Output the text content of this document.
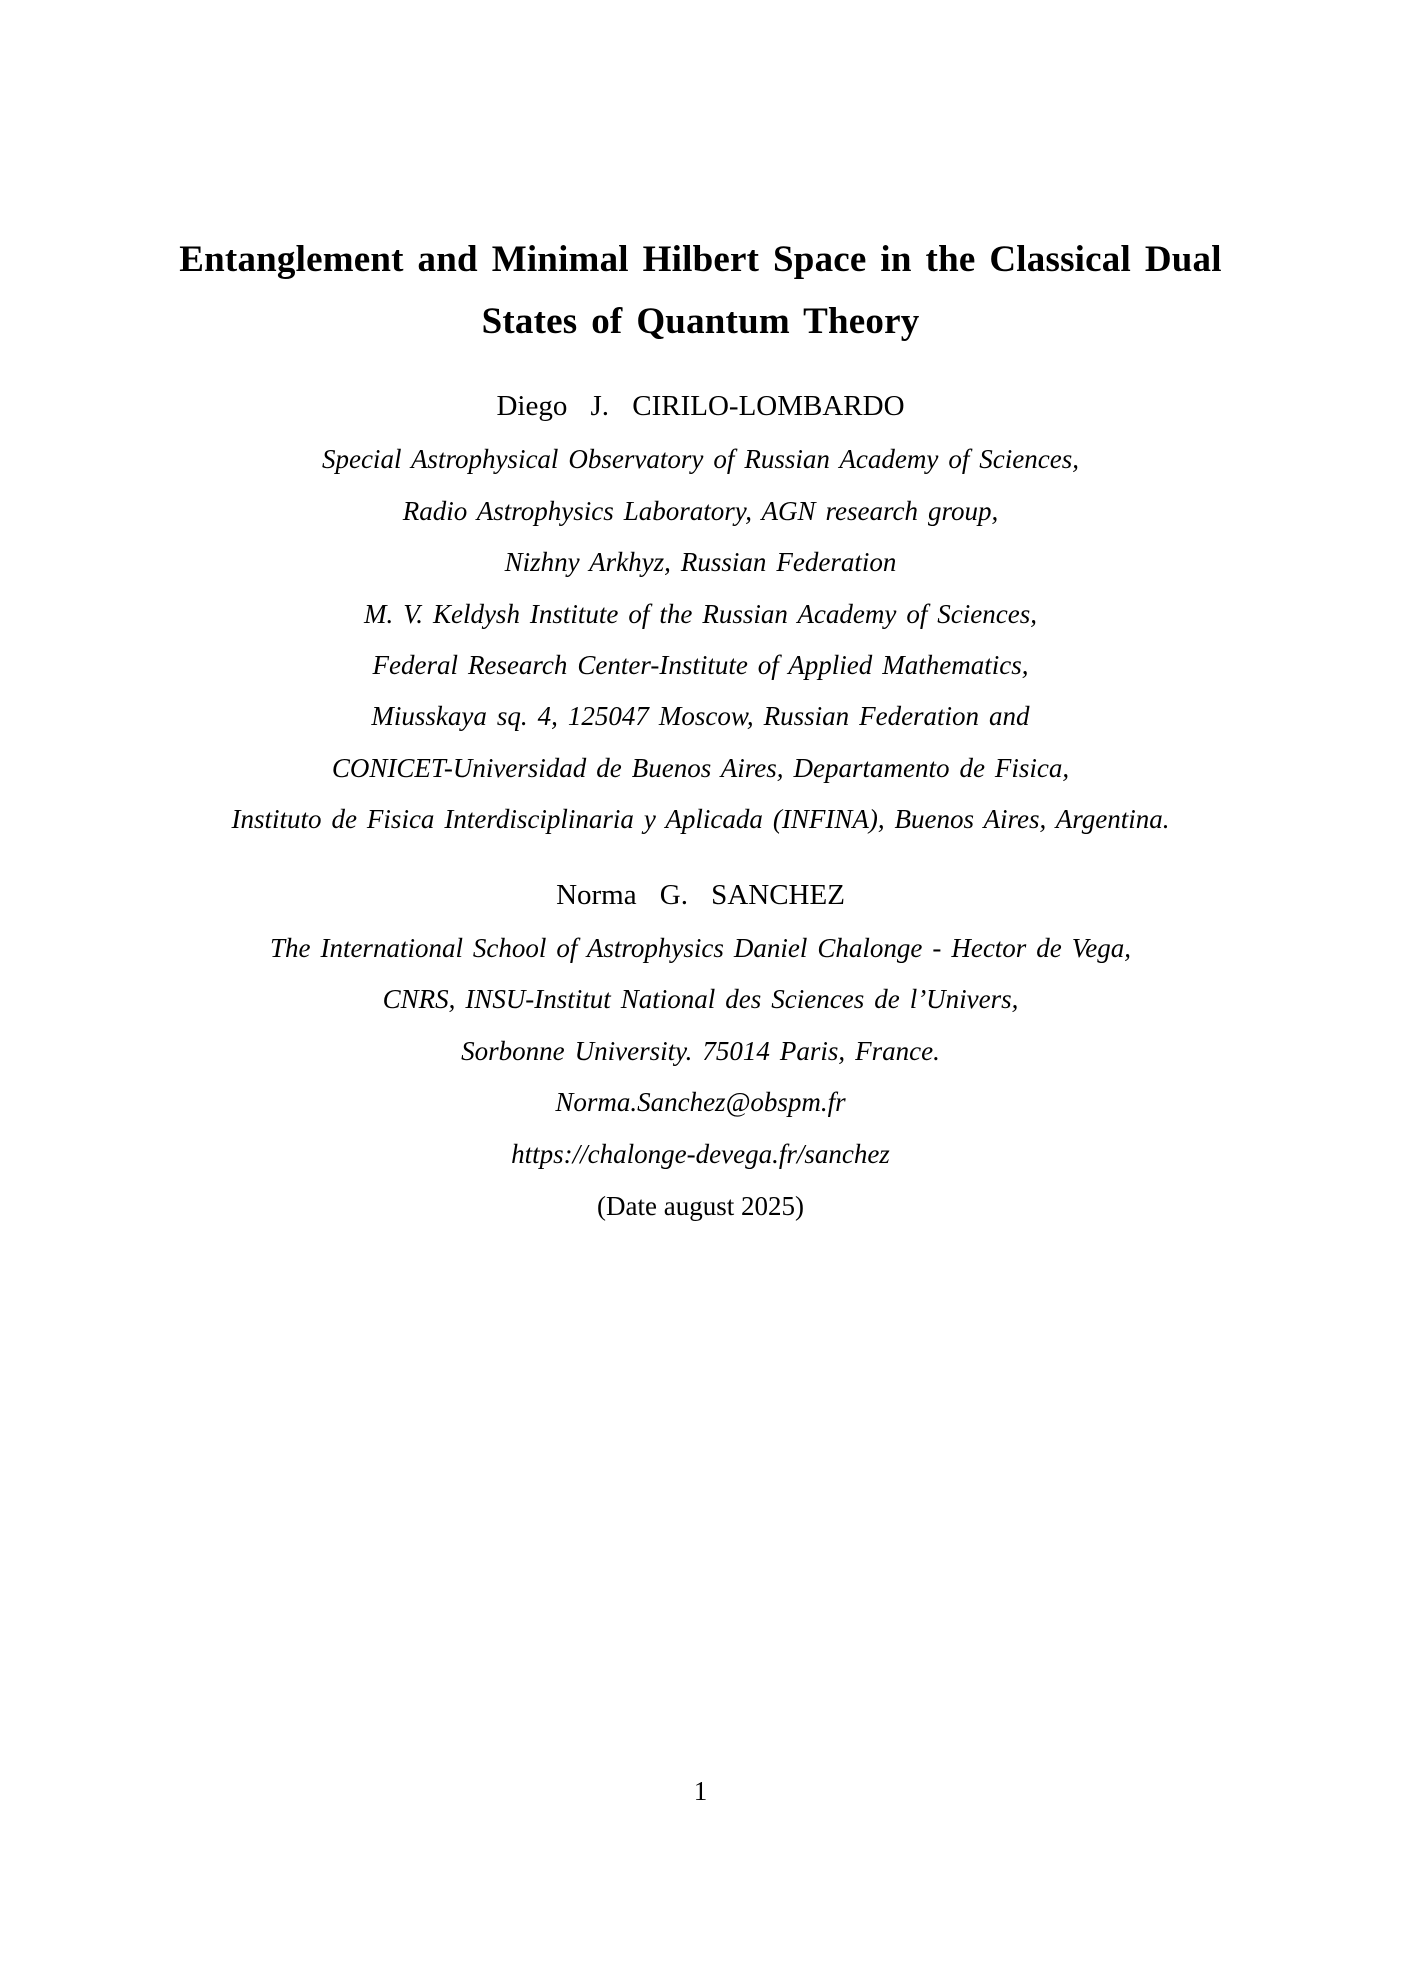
Entanglement and Minimal Hilbert Space in the Classical Dual
States of Quantum Theory
Diego J. CIRILO-LOMBARDO
Special Astrophysical Observatory of Russian Academy of Sciences,
Radio Astrophysics Laboratory, AGN research group,
Nizhny Arkhyz, Russian Federation
M. V. Keldysh Institute of the Russian Academy of Sciences,
Federal Research Center-Institute of Applied Mathematics,
Miusskaya sq. 4, 125047 Moscow, Russian Federation and
CONICET-Universidad de Buenos Aires, Departamento de Fisica,
Instituto de Fisica Interdisciplinaria y Aplicada (INFINA), Buenos Aires, Argentina.
Norma G. SANCHEZ
The International School of Astrophysics Daniel Chalonge - Hector de Vega,
CNRS, INSU-Institut National des Sciences de l’Univers,
Sorbonne University. 75014 Paris, France.
Norma.Sanchez@obspm.fr
https://chalonge-devega.fr/sanchez
(Date august 2025)
1
